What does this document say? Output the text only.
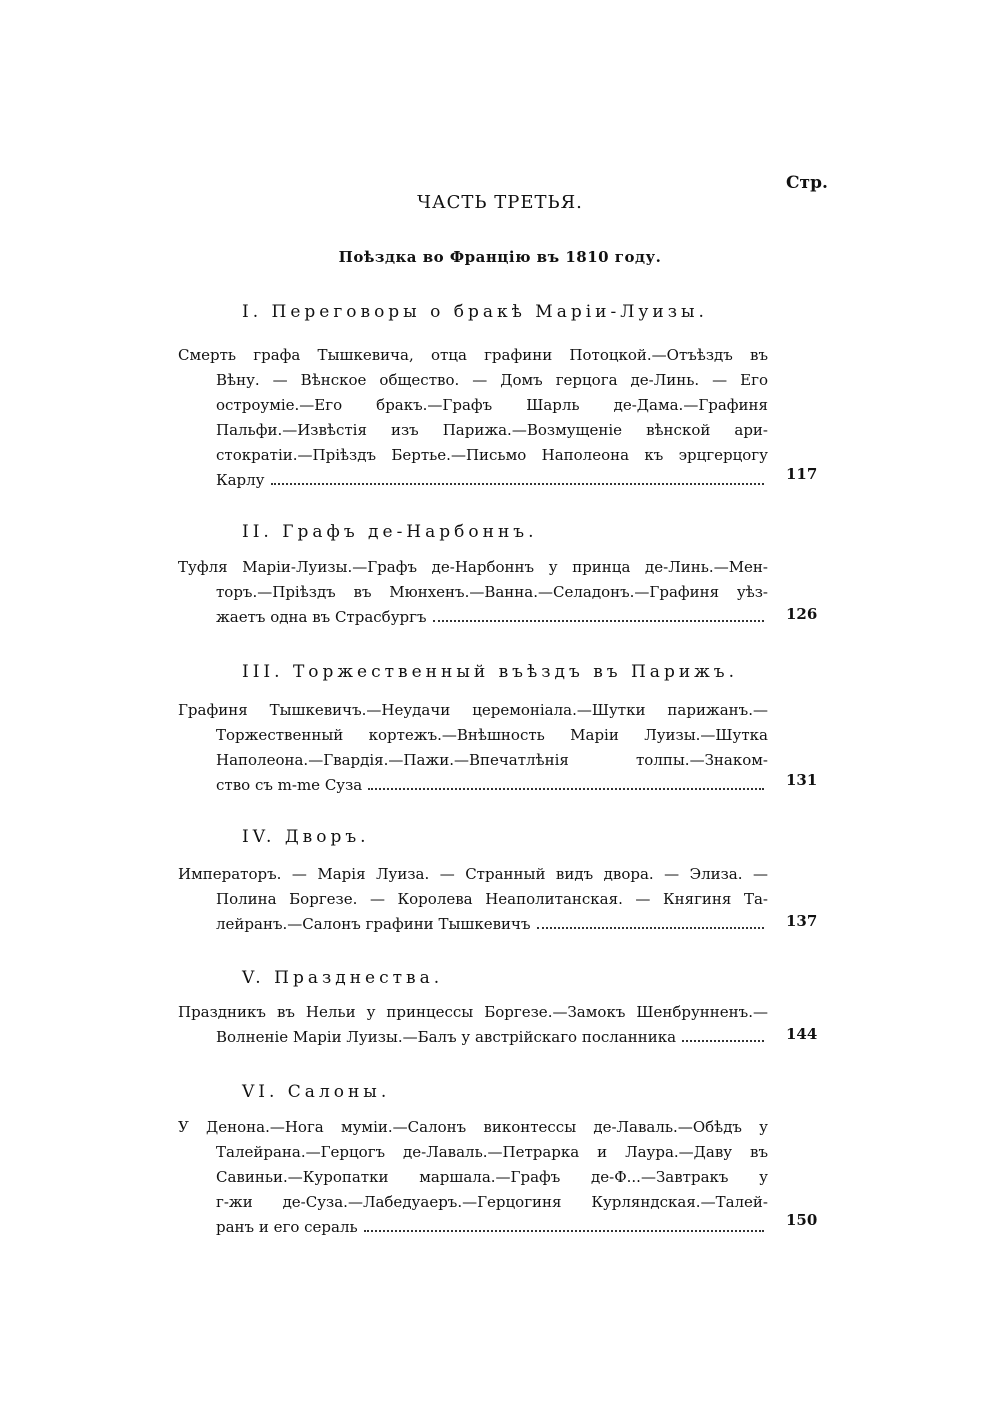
Стр.
ЧАСТЬ ТРЕТЬЯ.
Поѣздка во Францію въ 1810 году.
I. Переговоры о бракѣ Маріи-Луизы.
Смерть графа Тышкевича, отца графини Потоцкой.—Отъѣздъ въ
Вѣну. — Вѣнское общество. — Домъ герцога де-Линь. — Его
остроуміе.—Его бракъ.—Графъ Шарль де-Дама.—Графиня
Пальфи.—Извѣстія изъ Парижа.—Возмущеніе вѣнской ари-
стократіи.—Пріѣздъ Бертье.—Письмо Наполеона къ эрцгерцогу
Карлу	117
II. Графъ де-Нарбоннъ.
Туфля Маріи-Луизы.—Графъ де-Нарбоннъ у принца де-Линь.—Мен-
торъ.—Пріѣздъ въ Мюнхенъ.—Ванна.—Селадонъ.—Графиня уѣз-
жаетъ одна въ Страсбургъ	126
III. Торжественный въѣздъ въ Парижъ.
Графиня Тышкевичъ.—Неудачи церемоніала.—Шутки парижанъ.—
Торжественный кортежъ.—Внѣшность Маріи Луизы.—Шутка
Наполеона.—Гвардія.—Пажи.—Впечатлѣнія толпы.—Знаком-
ство съ m-me Суза	131
IV. Дворъ.
Императоръ. — Марія Луиза. — Странный видъ двора. — Элиза. —
Полина Боргезе. — Королева Неаполитанская. — Княгиня Та-
лейранъ.—Салонъ графини Тышкевичъ	137
V. Празднества.
Праздникъ въ Нельи у принцессы Боргезе.—Замокъ Шенбрунненъ.—
Волненіе Маріи Луизы.—Балъ у австрійскаго посланника	144
VI. Салоны.
У Денона.—Нога муміи.—Салонъ виконтессы де-Лаваль.—Обѣдъ у
Талейрана.—Герцогъ де-Лаваль.—Петрарка и Лаура.—Даву въ
Савиньи.—Куропатки маршала.—Графъ де-Ф...—Завтракъ у
г-жи де-Суза.—Лабедуаеръ.—Герцогиня Курляндская.—Талей-
ранъ и его сераль	150
